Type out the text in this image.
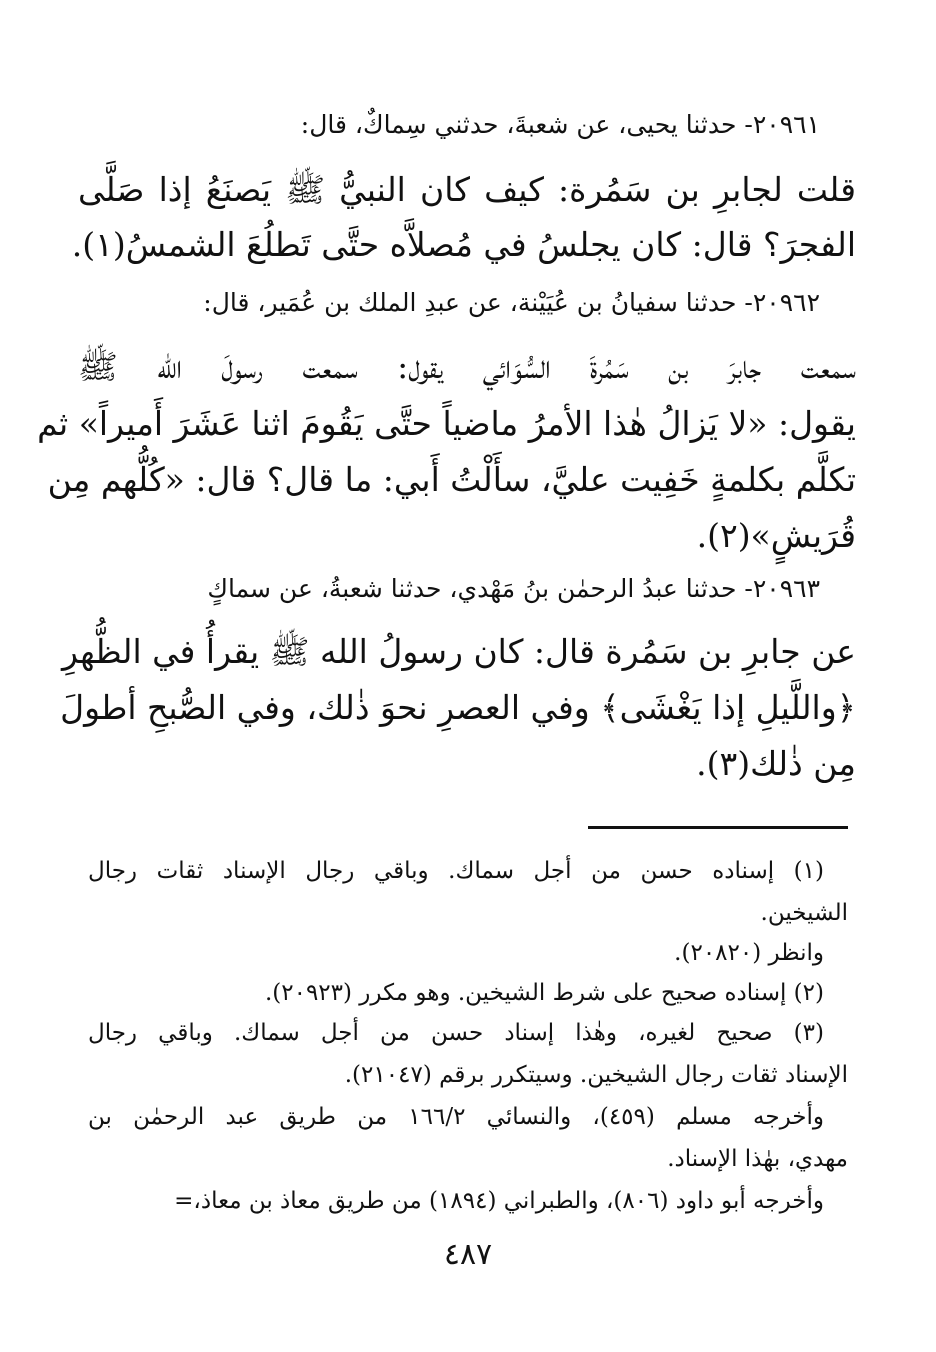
٢٠٩٦١- حدثنا يحيى، عن شعبةَ، حدثني سِماكٌ، قال:
قلت لجابرِ بن سَمُرة: كيف كان النبيُّ ﷺ يَصنَعُ إذا صَلَّى
الفجرَ؟ قال: كان يجلسُ في مُصلاَّه حتَّى تَطلُعَ الشمسُ(١).
٢٠٩٦٢- حدثنا سفيانُ بن عُيَيْنة، عن عبدِ الملك بن عُمَير، قال:
سمعت جابرَ بن سَمُرةَ السُّوَائي يقول: سمعت رسولَ الله ﷺ
يقول: «لا يَزالُ هٰذا الأمرُ ماضياً حتَّى يَقُومَ اثنا عَشَرَ أَميراً» ثم
تكلَّم بكلمةٍ خَفِيت عليَّ، سأَلْتُ أَبي: ما قال؟ قال: «كُلُّهم مِن
قُرَيشٍ»(٢).
٢٠٩٦٣- حدثنا عبدُ الرحمٰن بنُ مَهْدي، حدثنا شعبةُ، عن سماكٍ
عن جابرِ بن سَمُرة قال: كان رسولُ الله ﷺ يقرأُ في الظُّهرِ
﴿واللَّيلِ إذا يَغْشَى﴾ وفي العصرِ نحوَ ذٰلك، وفي الصُّبحِ أطولَ
مِن ذٰلك(٣).
(١) إسناده حسن من أجل سماك. وباقي رجال الإسناد ثقات رجال
الشيخين.
وانظر (٢٠٨٢٠).
(٢) إسناده صحيح على شرط الشيخين. وهو مكرر (٢٠٩٢٣).
(٣) صحيح لغيره، وهٰذا إسناد حسن من أجل سماك. وباقي رجال
الإسناد ثقات رجال الشيخين. وسيتكرر برقم (٢١٠٤٧).
وأخرجه مسلم (٤٥٩)، والنسائي ١٦٦/٢ من طريق عبد الرحمٰن بن
مهدي، بهٰذا الإسناد.
وأخرجه أبو داود (٨٠٦)، والطبراني (١٨٩٤) من طريق معاذ بن معاذ،=
٤٨٧
